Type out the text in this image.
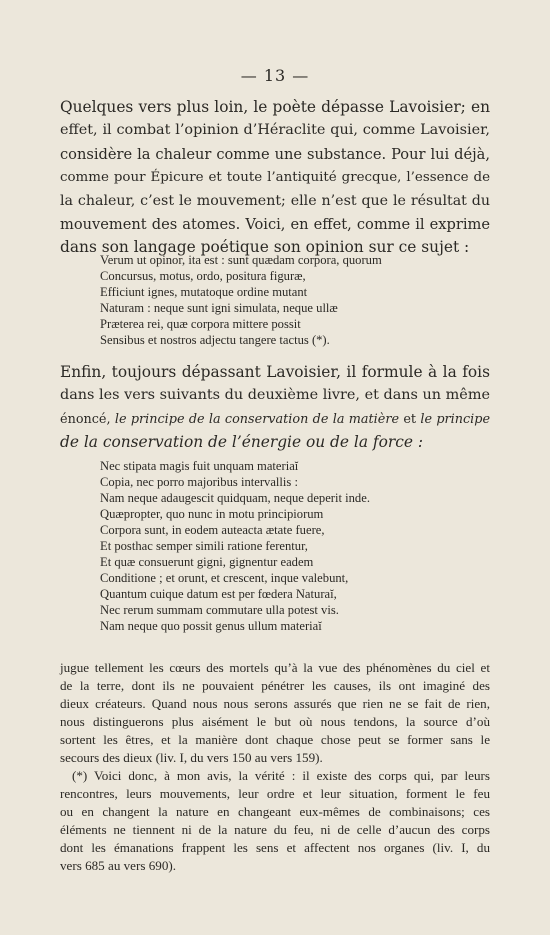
— 13 —
Quelques vers plus loin, le poète dépasse Lavoisier; en
effet, il combat l’opinion d’Héraclite qui, comme Lavoisier,
considère la chaleur comme une substance. Pour lui déjà,
comme pour Épicure et toute l’antiquité grecque, l’essence de
la chaleur, c’est le mouvement; elle n’est que le résultat du
mouvement des atomes. Voici, en effet, comme il exprime
dans son langage poétique son opinion sur ce sujet :
Verum ut opinor, ita est : sunt quædam corpora, quorum
Concursus, motus, ordo, positura figuræ,
Efficiunt ignes, mutatoque ordine mutant
Naturam : neque sunt igni simulata, neque ullæ
Præterea rei, quæ corpora mittere possit
Sensibus et nostros adjectu tangere tactus (*).
Enfin, toujours dépassant Lavoisier, il formule à la fois
dans les vers suivants du deuxième livre, et dans un même
énoncé, le principe de la conservation de la matière et le principe
de la conservation de l’énergie ou de la force :
Nec stipata magis fuit unquam materiaĭ
Copia, nec porro majoribus intervallis :
Nam neque adaugescit quidquam, neque deperit inde.
Quæpropter, quo nunc in motu principiorum
Corpora sunt, in eodem auteacta ætate fuere,
Et posthac semper simili ratione ferentur,
Et quæ consuerunt gigni, gignentur eadem
Conditione ; et orunt, et crescent, inque valebunt,
Quantum cuique datum est per fœdera Naturaĭ,
Nec rerum summam commutare ulla potest vis.
Nam neque quo possit genus ullum materiaĭ
jugue tellement les cœurs des mortels qu’à la vue des phénomènes du ciel et
de la terre, dont ils ne pouvaient pénétrer les causes, ils ont imaginé des
dieux créateurs. Quand nous nous serons assurés que rien ne se fait de rien,
nous distinguerons plus aisément le but où nous tendons, la source d’où
sortent les êtres, et la manière dont chaque chose peut se former sans le
secours des dieux (liv. I, du vers 150 au vers 159).
(*) Voici donc, à mon avis, la vérité : il existe des corps qui, par leurs
rencontres, leurs mouvements, leur ordre et leur situation, forment le feu
ou en changent la nature en changeant eux-mêmes de combinaisons; ces
éléments ne tiennent ni de la nature du feu, ni de celle d’aucun des corps
dont les émanations frappent les sens et affectent nos organes (liv. I, du
vers 685 au vers 690).
